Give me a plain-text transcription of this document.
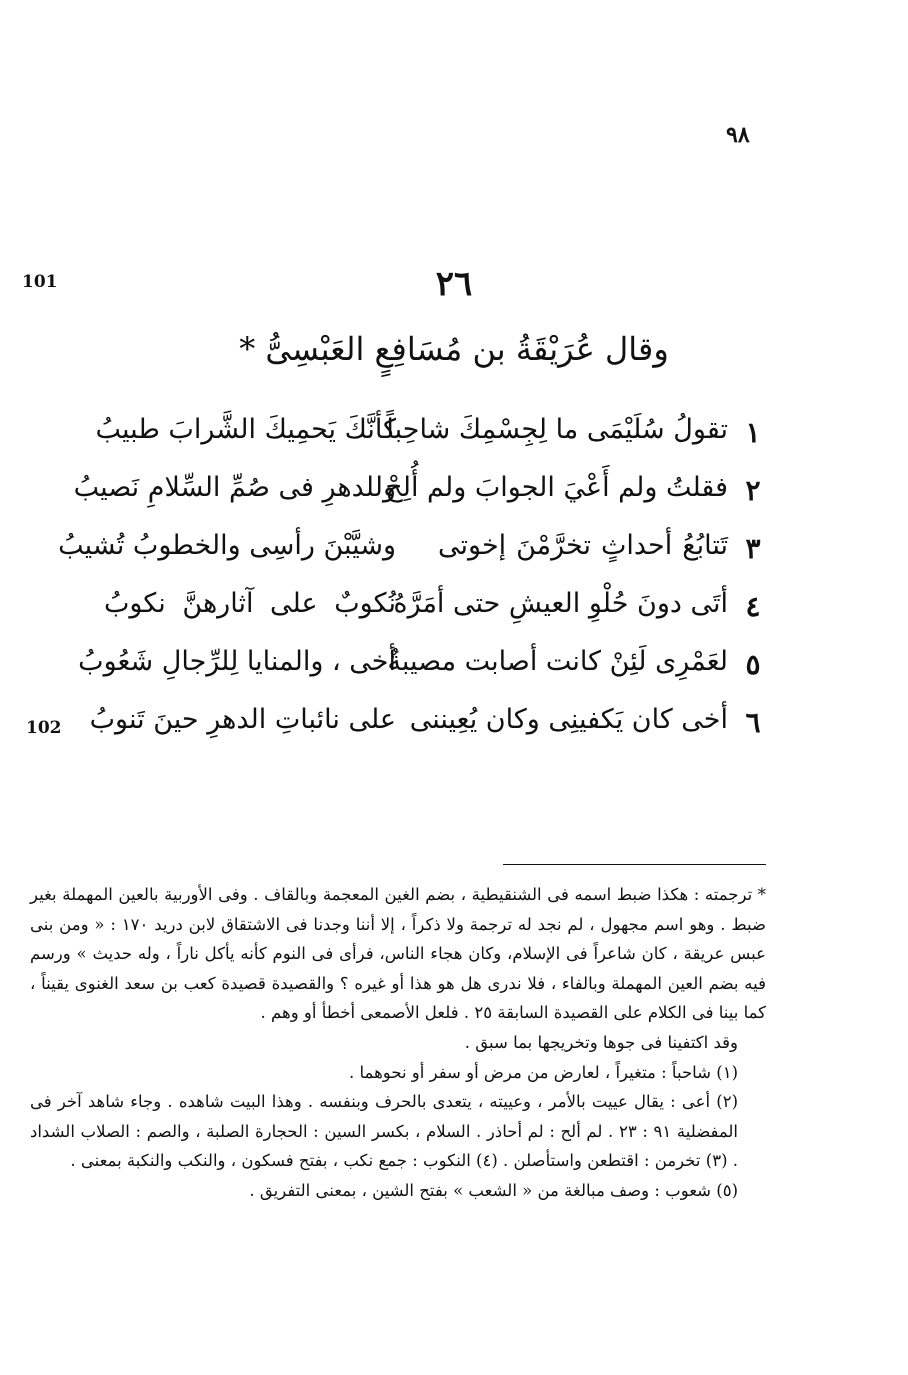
٩٨
101
102
٢٦
وقال عُرَيْقَةُ بن مُسَافِعٍ العَبْسِىُّ *
١
تقولُ سُلَيْمَى ما لِجِسْمِكَ شاحِباً
كأنَّكَ يَحمِيكَ الشَّرابَ طبيبُ
٢
فقلتُ ولم أَعْيَ الجوابَ ولم أُلِحْ
وللدهرِ فى صُمِّ السِّلامِ نَصيبُ
٣
تَتابُعُ أحداثٍ تخرَّمْنَ إخوتى
وشيَّبْنَ رأسِى والخطوبُ تُشيبُ
٤
أتَى دونَ حُلْوِ العيشِ حتى أمَرَّهُ
نُكوبٌ على آثارهنَّ نكوبُ
٥
لعَمْرِى لَئِنْ كانت أصابت مصيبةٌ
أخى ، والمنايا لِلرِّجالِ شَعُوبُ
٦
أخى كان يَكفينِى وكان يُعِيننى
على نائباتِ الدهرِ حينَ تَنوبُ

* ترجمته : هكذا ضبط اسمه فى الشنقيطية ، بضم الغين المعجمة وبالقاف . وفى الأوربية بالعين المهملة بغير ضبط . وهو اسم مجهول ، لم نجد له ترجمة ولا ذكراً ، إلا أننا وجدنا فى الاشتقاق لابن دريد ١٧٠ : « ومن بنى عبس عريقة ، كان شاعراً فى الإسلام، وكان هجاء الناس، فرأى فى النوم كأنه يأكل ناراً ، وله حديث » ورسم فيه بضم العين المهملة وبالفاء ، فلا ندرى هل هو هذا أو غيره ؟ والقصيدة قصيدة كعب بن سعد الغنوى يقيناً ، كما بينا فى الكلام على القصيدة السابقة ٢٥ . فلعل الأصمعى أخطأ أو وهم .

وقد اكتفينا فى جوها وتخريجها بما سبق .

(١) شاحباً : متغيراً ، لعارض من مرض أو سفر أو نحوهما .

(٢) أعى : يقال عييت بالأمر ، وعييته ، يتعدى بالحرف وبنفسه . وهذا البيت شاهده . وجاء شاهد آخر فى المفضلية ٩١ : ٢٣ . لم ألح : لم أحاذر . السلام ، بكسر السين : الحجارة الصلبة ، والصم : الصلاب الشداد . (٣) تخرمن : اقتطعن واستأصلن . (٤) النكوب : جمع نكب ، بفتح فسكون ، والنكب والنكبة بمعنى .

(٥) شعوب : وصف مبالغة من « الشعب » بفتح الشين ، بمعنى التفريق .
